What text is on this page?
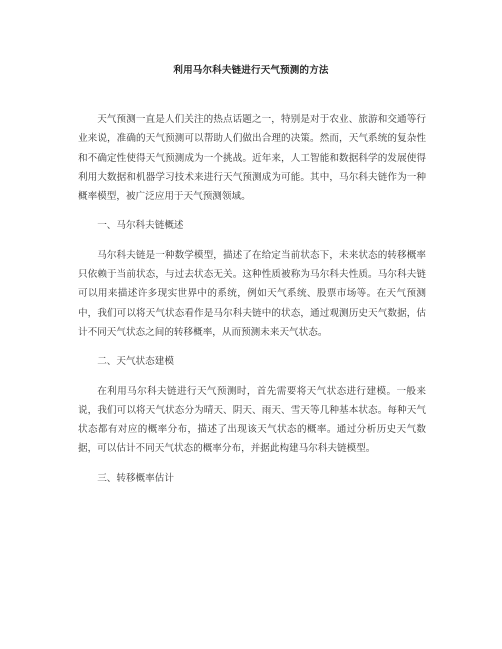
利用马尔科夫链进行天气预测的方法

天气预测一直是人们关注的热点话题之一，特别是对于农业、旅游和交通等行业来说，准确的天气预测可以帮助人们做出合理的决策。然而，天气系统的复杂性和不确定性使得天气预测成为一个挑战。近年来，人工智能和数据科学的发展使得利用大数据和机器学习技术来进行天气预测成为可能。其中，马尔科夫链作为一种概率模型，被广泛应用于天气预测领域。

一、马尔科夫链概述

马尔科夫链是一种数学模型，描述了在给定当前状态下，未来状态的转移概率只依赖于当前状态，与过去状态无关。这种性质被称为马尔科夫性质。马尔科夫链可以用来描述许多现实世界中的系统，例如天气系统、股票市场等。在天气预测中，我们可以将天气状态看作是马尔科夫链中的状态，通过观测历史天气数据，估计不同天气状态之间的转移概率，从而预测未来天气状态。

二、天气状态建模

在利用马尔科夫链进行天气预测时，首先需要将天气状态进行建模。一般来说，我们可以将天气状态分为晴天、阴天、雨天、雪天等几种基本状态。每种天气状态都有对应的概率分布，描述了出现该天气状态的概率。通过分析历史天气数据，可以估计不同天气状态的概率分布，并据此构建马尔科夫链模型。

三、转移概率估计
